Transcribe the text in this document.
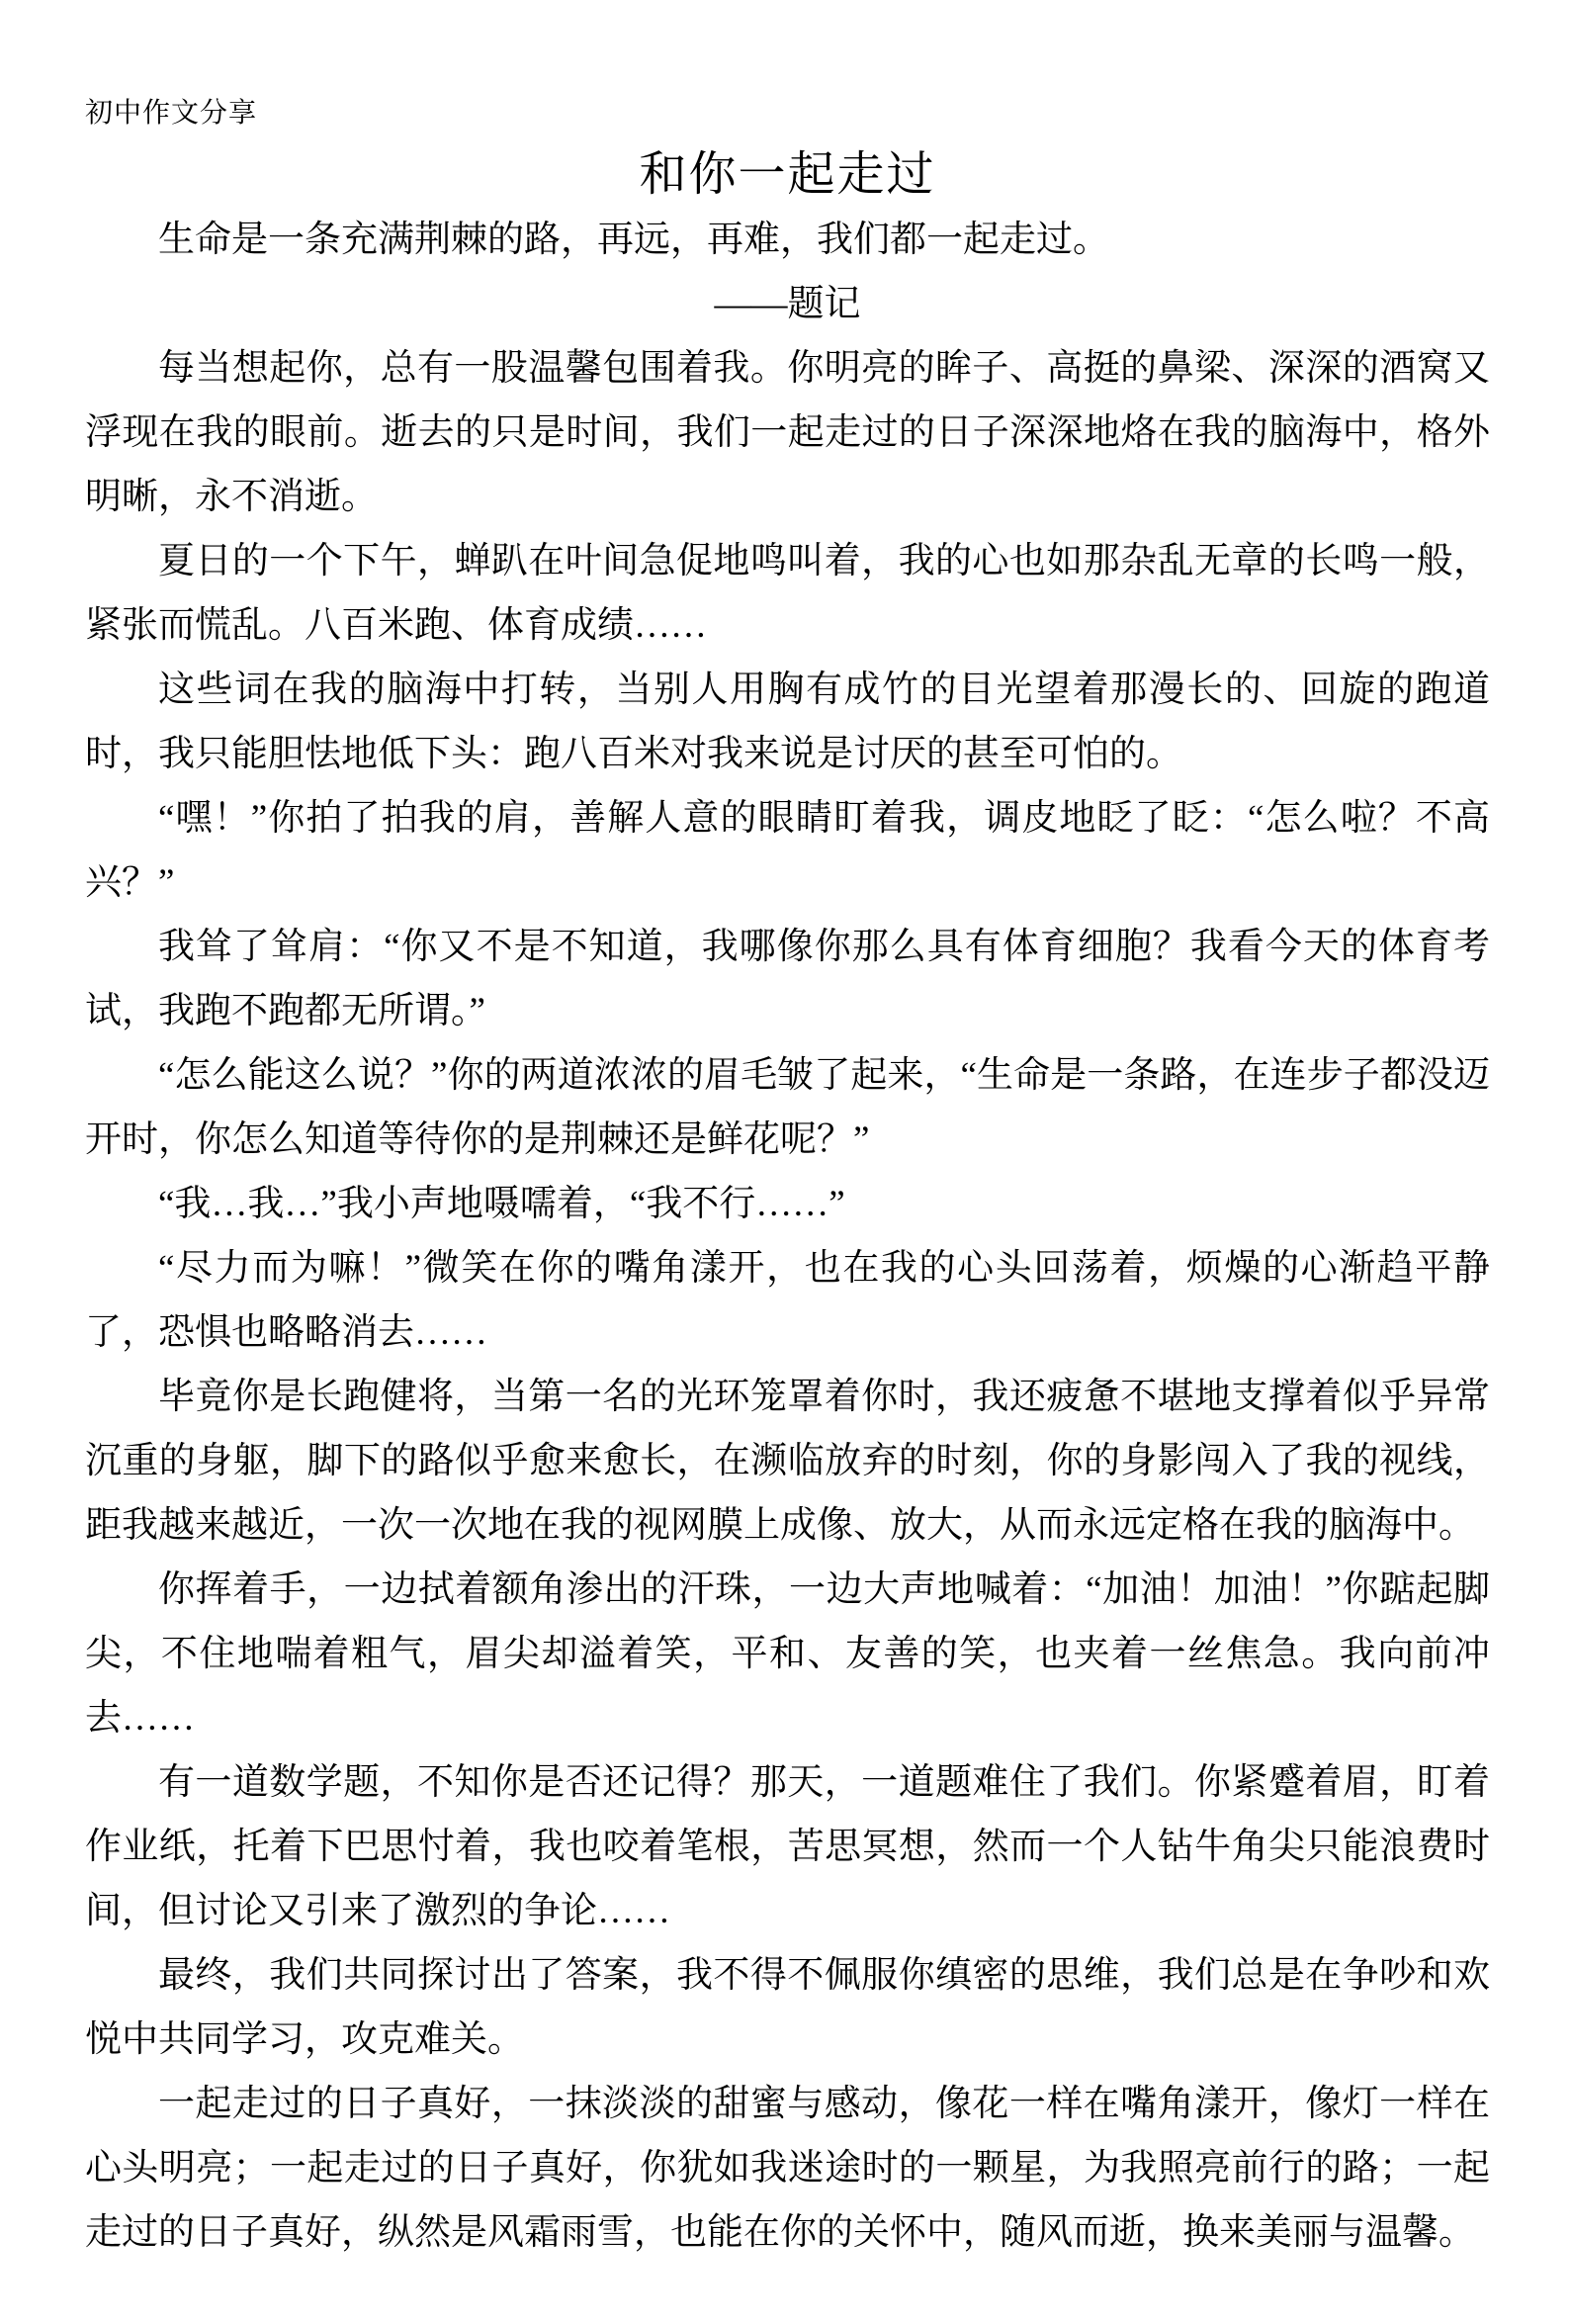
初中作文分享
和你一起走过

生命是一条充满荆棘的路，再远，再难，我们都一起走过。

——题记

每当想起你，总有一股温馨包围着我。你明亮的眸子、高挺的鼻梁、深深的酒窝又浮现在我的眼前。逝去的只是时间，我们一起走过的日子深深地烙在我的脑海中，格外明晰，永不消逝。

夏日的一个下午，蝉趴在叶间急促地鸣叫着，我的心也如那杂乱无章的长鸣一般，紧张而慌乱。八百米跑、体育成绩……

这些词在我的脑海中打转，当别人用胸有成竹的目光望着那漫长的、回旋的跑道时，我只能胆怯地低下头：跑八百米对我来说是讨厌的甚至可怕的。

“嘿！”你拍了拍我的肩，善解人意的眼睛盯着我，调皮地眨了眨：“怎么啦？不高兴？”

我耸了耸肩：“你又不是不知道，我哪像你那么具有体育细胞？我看今天的体育考试，我跑不跑都无所谓。”

“怎么能这么说？”你的两道浓浓的眉毛皱了起来，“生命是一条路，在连步子都没迈开时，你怎么知道等待你的是荆棘还是鲜花呢？”

“我…我…”我小声地嗫嚅着，“我不行……”

“尽力而为嘛！”微笑在你的嘴角漾开，也在我的心头回荡着，烦燥的心渐趋平静了，恐惧也略略消去……

毕竟你是长跑健将，当第一名的光环笼罩着你时，我还疲惫不堪地支撑着似乎异常沉重的身躯，脚下的路似乎愈来愈长，在濒临放弃的时刻，你的身影闯入了我的视线，距我越来越近，一次一次地在我的视网膜上成像、放大，从而永远定格在我的脑海中。

你挥着手，一边拭着额角渗出的汗珠，一边大声地喊着：“加油！加油！”你踮起脚尖，不住地喘着粗气，眉尖却溢着笑，平和、友善的笑，也夹着一丝焦急。我向前冲去……

有一道数学题，不知你是否还记得？那天，一道题难住了我们。你紧蹙着眉，盯着作业纸，托着下巴思忖着，我也咬着笔根，苦思冥想，然而一个人钻牛角尖只能浪费时间，但讨论又引来了激烈的争论……

最终，我们共同探讨出了答案，我不得不佩服你缜密的思维，我们总是在争吵和欢悦中共同学习，攻克难关。

一起走过的日子真好，一抹淡淡的甜蜜与感动，像花一样在嘴角漾开，像灯一样在心头明亮；一起走过的日子真好，你犹如我迷途时的一颗星，为我照亮前行的路；一起走过的日子真好，纵然是风霜雨雪，也能在你的关怀中，随风而逝，换来美丽与温馨。
